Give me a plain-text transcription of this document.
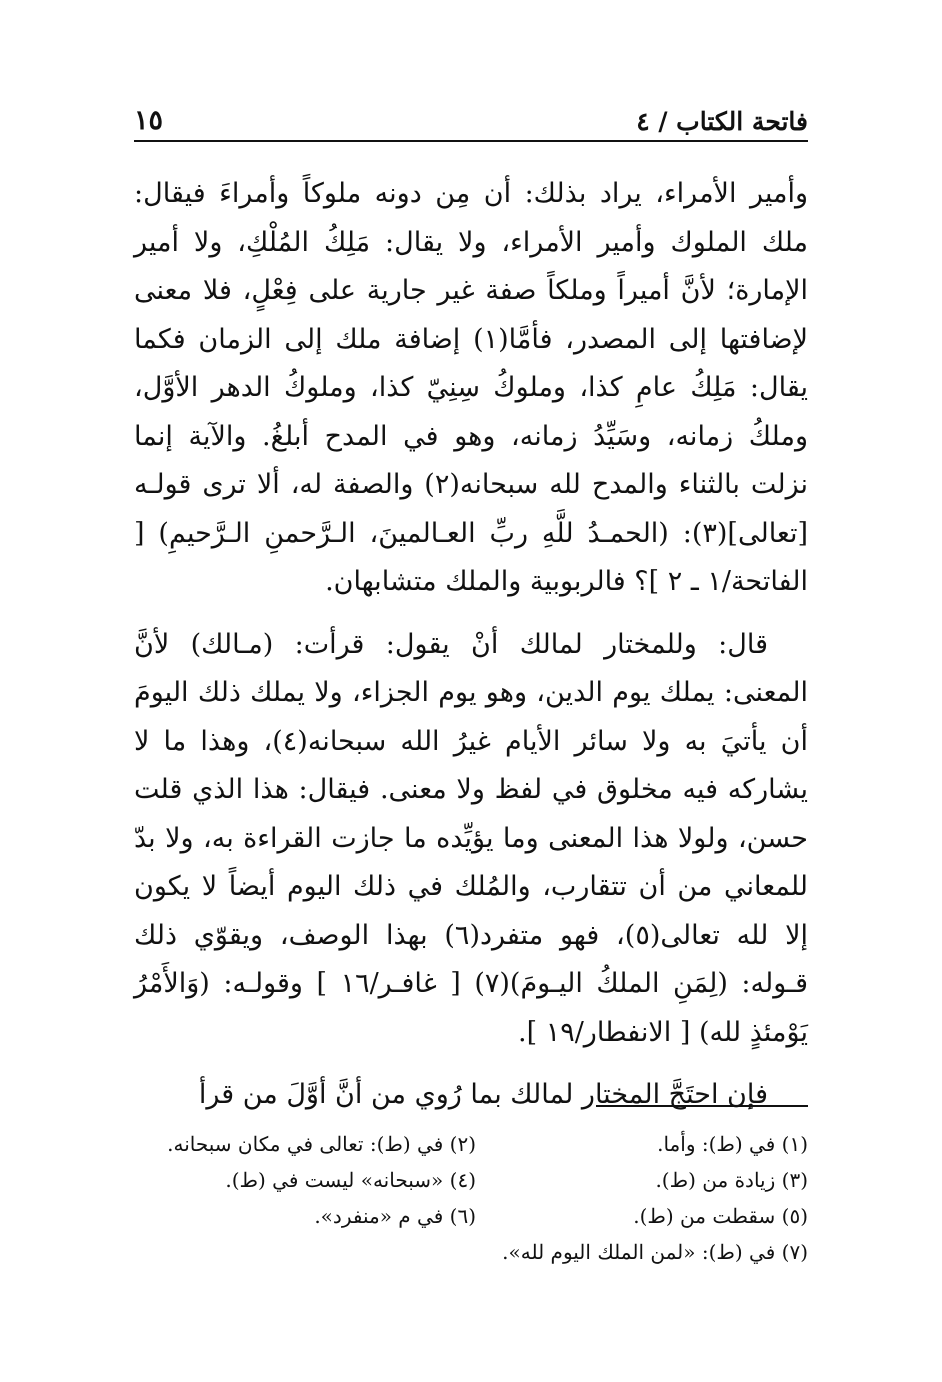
فاتحة الكتاب / ٤
١٥

وأمير الأمراء، يراد بذلك: أن مِن دونه ملوكاً وأمراءَ فيقال: ملك الملوك وأمير الأمراء، ولا يقال: مَلِكُ المُلْكِ، ولا أمير الإمارة؛ لأنَّ أميراً وملكاً صفة غير جارية على فِعْلٍ، فلا معنى لإضافتها إلى المصدر، فأمَّا(١) إضافة ملك إلى الزمان فكما يقال: مَلِكُ عامِ كذا، وملوكُ سِنِيّ كذا، وملوكُ الدهر الأوَّل، وملكُ زمانه، وسَيِّدُ زمانه، وهو في المدح أبلغُ. والآية إنما نزلت بالثناء والمدح لله سبحانه(٢) والصفة له، ألا ترى قولـه [تعالى](٣): (الحمـدُ للَّهِ ربِّ العـالمينَ، الـرَّحمنِ الـرَّحيمِ) [ الفاتحة/١ ـ ٢ ]؟ فالربوبية والملك متشابهان.

قال: وللمختار لمالك أنْ يقول: قرأت: (مـالك) لأنَّ المعنى: يملك يوم الدين، وهو يوم الجزاء، ولا يملك ذلك اليومَ أن يأتيَ به ولا سائر الأيام غيرُ الله سبحانه(٤)، وهذا ما لا يشاركه فيه مخلوق في لفظ ولا معنى. فيقال: هذا الذي قلت حسن، ولولا هذا المعنى وما يؤيِّده ما جازت القراءة به، ولا بدّ للمعاني من أن تتقارب، والمُلك في ذلك اليوم أيضاً لا يكون إلا لله تعالى(٥)، فهو متفرد(٦) بهذا الوصف، ويقوّي ذلك قـوله: (لِمَنِ الملكُ اليـومَ)(٧) [ غافـر/١٦ ] وقولـه: (وَالأَمْرُ يَوْمئذٍ لله) [ الانفطار/١٩ ].

فإن احتَجَّ المختار لمالك بما رُوي من أنَّ أوَّلَ من قرأ

(١) في (ط): وأما.
(٢) في (ط): تعالى في مكان سبحانه.
(٣) زيادة من (ط).
(٤) «سبحانه» ليست في (ط).
(٥) سقطت من (ط).
(٦) في م «منفرد».
(٧) في (ط): «لمن الملك اليوم لله».
